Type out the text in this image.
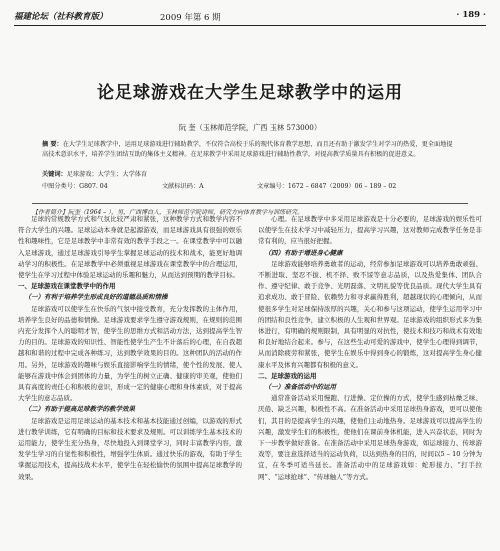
福建论坛（社科教育版）	2009 年第 6 期	· 189 ·
论足球游戏在大学生足球教学中的运用
阮 奎（玉林师范学院，广西 玉林 573000）
摘 要：在大学生足球教学中，运用足球游戏进行辅助教学，不仅符合高校于乐的现代体育教学思想，而且还有助于激发学生对学习的热爱，更全面地提高技术意识水平，培养学生团结互助的集体主义精神。在足球教学中采用足球游戏进行辅助性教学，对提高教学质量具有积极的促进意义。
关键词：足球游戏；大学生；大学体育
中图分类号：G807. 04	文献标识码：A	文章编号：1672 – 6847（2009）06 – 189 – 02
【作者简介】阮奎（1964 – ），男，广西博白人，玉林师范学院讲师，研究方向体育教学与训练研究。

足球的常规教学方式和气氛比较严肃和紧张，这种教学方式和教学内容不符合大学生的兴趣。足球运动本身就是起源游戏，而足球游戏具有很强的娱乐性和趣味性，它是足球教学中非常有效的教学手段之一。在课堂教学中可以融入足球游戏，通过足球游戏引导学生掌握足球运动的技术和战术，能更好地调动学习的积极性。在足球教学中必须重视足球游戏在课堂教学中的合理运用，使学生在学习过程中体验足球运动的乐趣和魅力，从而达到预期的教学目标。

一、足球游戏在课堂教学中的作用
（一）有利于培养学生形成良好的道德品质和情操

足球游戏可以使学生在快乐的气氛中接受教育，充分发挥教的主体作用，培养学生良好的品德和情操。足球游戏要求学生遵守游戏规则，在规则的范围内充分发挥个人的聪明才智，使学生的思维方式和活动方法，达到提高学生智力的目的。足球游戏的知识性、智能性使学生产生不计落后的心理，在自我超越和和谐的过程中完成各种练习，达到教学效果的目的。这种团队的活动的作用。另外，足球游戏的趣味与娱乐直接影响学生的情绪，使个性的发展、使人能够在游戏中体会到团体的力量，为学生的树立正确、健康的审美观，使他们具有高度的责任心和积极的意识，形成一定的健康心理和身体素质，对于提高大学生的意志品质。

（二）有助于提高足球教学的教学效果

足球游戏是运用足球运动的基本技术和基本技能通过创编，以游戏的形式进行教学训练，它有明确的目标和技术要求及规则。可以训练学生基本技术的运用能力，使学生充分热身，尽快地投入到课堂学习，同时丰富教学内容，激发学生学习的自觉性和积极性，增强学生体质。通过快乐的游戏，有助于学生掌握运用技术，提高技战术水平，使学生在轻松愉快的氛围中提高足球教学的效果。

心理。在足球教学中多采用足球游戏是十分必要的，足球游戏的娱乐性可以使学生在技术学习中减轻压力，提高学习兴趣，这对教师完成教学任务是非常有利的，应当很好把握。

（四）有助于增进身心健康

足球游戏能够培养勇敢者的运动，经常参加足球游戏可以培养勇敢顽强、不断进取、坚忍不拔、机不择、败不馁等意志品质，以及热爱集体、团队合作、遵守纪律、敢于竞争、光明磊落、文明礼貌等优良品质。现代大学生具有追求成功、敢于冒险、依赖势力和寻求赢得胜利，超越现状的心理倾向，从而使很多学生对足球保持浓厚的兴趣，关心和参与这项运动，使学生运用学习中的团结和良性竞争，建立积极的人生观和世界观。足球游戏的组织形式多为集体进行，有明确的规则限制，具有明显的对抗性，使技术和技巧和战术有效地和良好地结合起来。参与，在这些生动可爱的游戏中，使学生心理得到调节，从而消除疲劳和紧张，使学生在娱乐中得到身心的锻炼，这对提高学生身心健康水平及体育兴趣都有积极的意义。

二、足球游戏的运用
（一）准备活动中的运用

通常准备活动采用慢跑、行进操、定位操的方式，使学生感到枯燥乏味、厌倦、缺乏兴趣，积极性不高。在准备活动中采用足球热身游戏，更可以使他们，其目的是提高学生的兴趣，使他们主动地热身。足球游戏可以提高学生的兴趣，激发学生们的积极性，使他们在课前身体机能，进入兴奋状态，同时为下一步教学做好准备。在准备活动中采用足球热身游戏，如运球接力、传球游戏等，要注意选择适当的运动负荷，以达到热身的目的，时间以5 – 10 分钟为宜，在冬季可适当延长。准备活动中的足球游戏如：蛇形接力、“打手拉网”、“运球抢球”、“传球触人”等方式。
